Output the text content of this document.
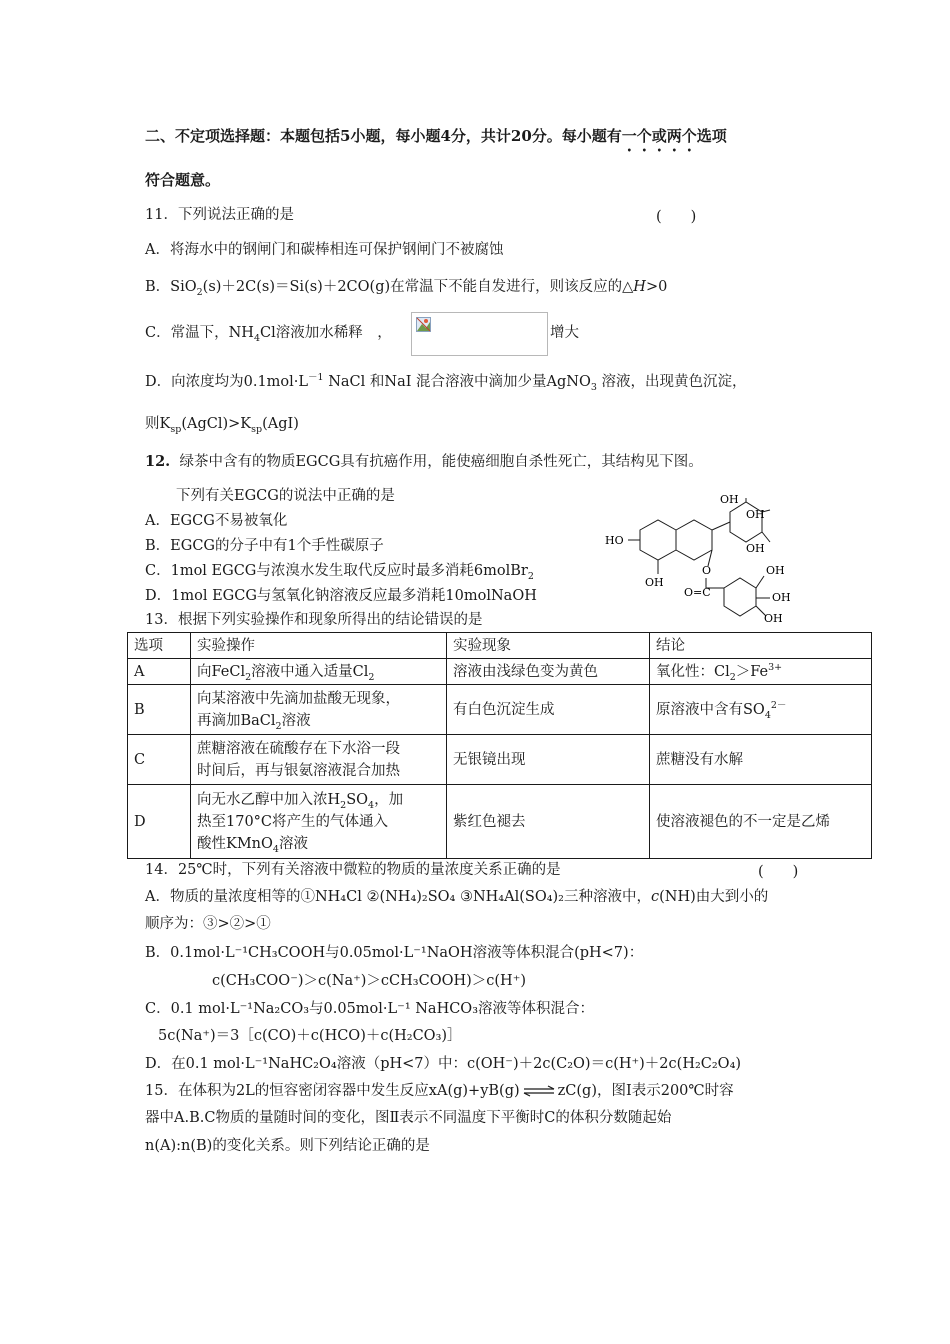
二、不定项选择题：本题包括5小题，每小题4分，共计20分。每小题有一个或两个选项
符合题意。
11．下列说法正确的是	(　　)
A．将海水中的钢闸门和碳棒相连可保护钢闸门不被腐蚀
B．SiO$_2$(s)＋2C(s)＝Si(s)＋2CO(g)在常温下不能自发进行，则该反应的△H>0
C．常温下，$NH_4Cl$溶液加水稀释　，	增大
D．向浓度均为$0.1mol\cdot L^{-1}$ NaCl 和NaI 混合溶液中滴加少量AgNO$_3$ 溶液，出现黄色沉淀，
则$K_{sp}(AgCl)>K_{sp}(AgI)$
12. 绿茶中含有的物质EGCG具有抗癌作用，能使癌细胞自杀性死亡，其结构见下图。
下列有关EGCG的说法中正确的是
A．EGCG不易被氧化
B．EGCG的分子中有1个手性碳原子
C．1mol EGCG与浓溴水发生取代反应时最多消耗6molBr$_2$
D．1mol EGCG与氢氧化钠溶液反应最多消耗10molNaOH
OH
OH
HO
OH
OH
O	OH
OH
O=C
OH
13．根据下列实验操作和现象所得出的结论错误的是
选项	实验操作	实验现象	结论
A	向FeCl$_2$溶液中通入适量$Cl_2$	溶液由浅绿色变为黄色	氧化性：$Cl_2>Fe^{3+}$
B	向某溶液中先滴加盐酸无现象，
再滴加BaCl$_2$溶液	有白色沉淀生成	原溶液中含有$SO_4^{2-}$
C	蔗糖溶液在硫酸存在下水浴一段
时间后，再与银氨溶液混合加热	无银镜出现	蔗糖没有水解
D	向无水乙醇中加入浓$H_2SO_4$，加
热至170°C将产生的气体通入
酸性KMnO$_4$溶液	紫红色褪去	使溶液褪色的不一定是乙烯
14．25℃时，下列有关溶液中微粒的物质的量浓度关系正确的是	(　　)
A．物质的量浓度相等的①NH₄Cl ②(NH₄)₂SO₄ ③NH₄Al(SO₄)₂三种溶液中，c(NH)由大到小的
顺序为：③>②>①
B．0.1mol·L⁻¹CH₃COOH与0.05mol·L⁻¹NaOH溶液等体积混合(pH<7)：
c(CH₃COO⁻)＞c(Na⁺)＞cCH₃COOH)＞c(H⁺)
C．0.1 mol·L⁻¹Na₂CO₃与0.05mol·L⁻¹ NaHCO₃溶液等体积混合：
5c(Na⁺)＝3［c(CO)＋c(HCO)＋c(H₂CO₃)］
D．在0.1 mol·L⁻¹NaHC₂O₄溶液（pH<7）中：c(OH⁻)＋2c(C₂O)＝c(H⁺)＋2c(H₂C₂O₄)
15．在体积为2L的恒容密闭容器中发生反应xA(g)+yB(g) ⇌ zC(g)，图Ⅰ表示200℃时容
器中A.B.C物质的量随时间的变化，图Ⅱ表示不同温度下平衡时C的体积分数随起始
n(A):n(B)的变化关系。则下列结论正确的是
